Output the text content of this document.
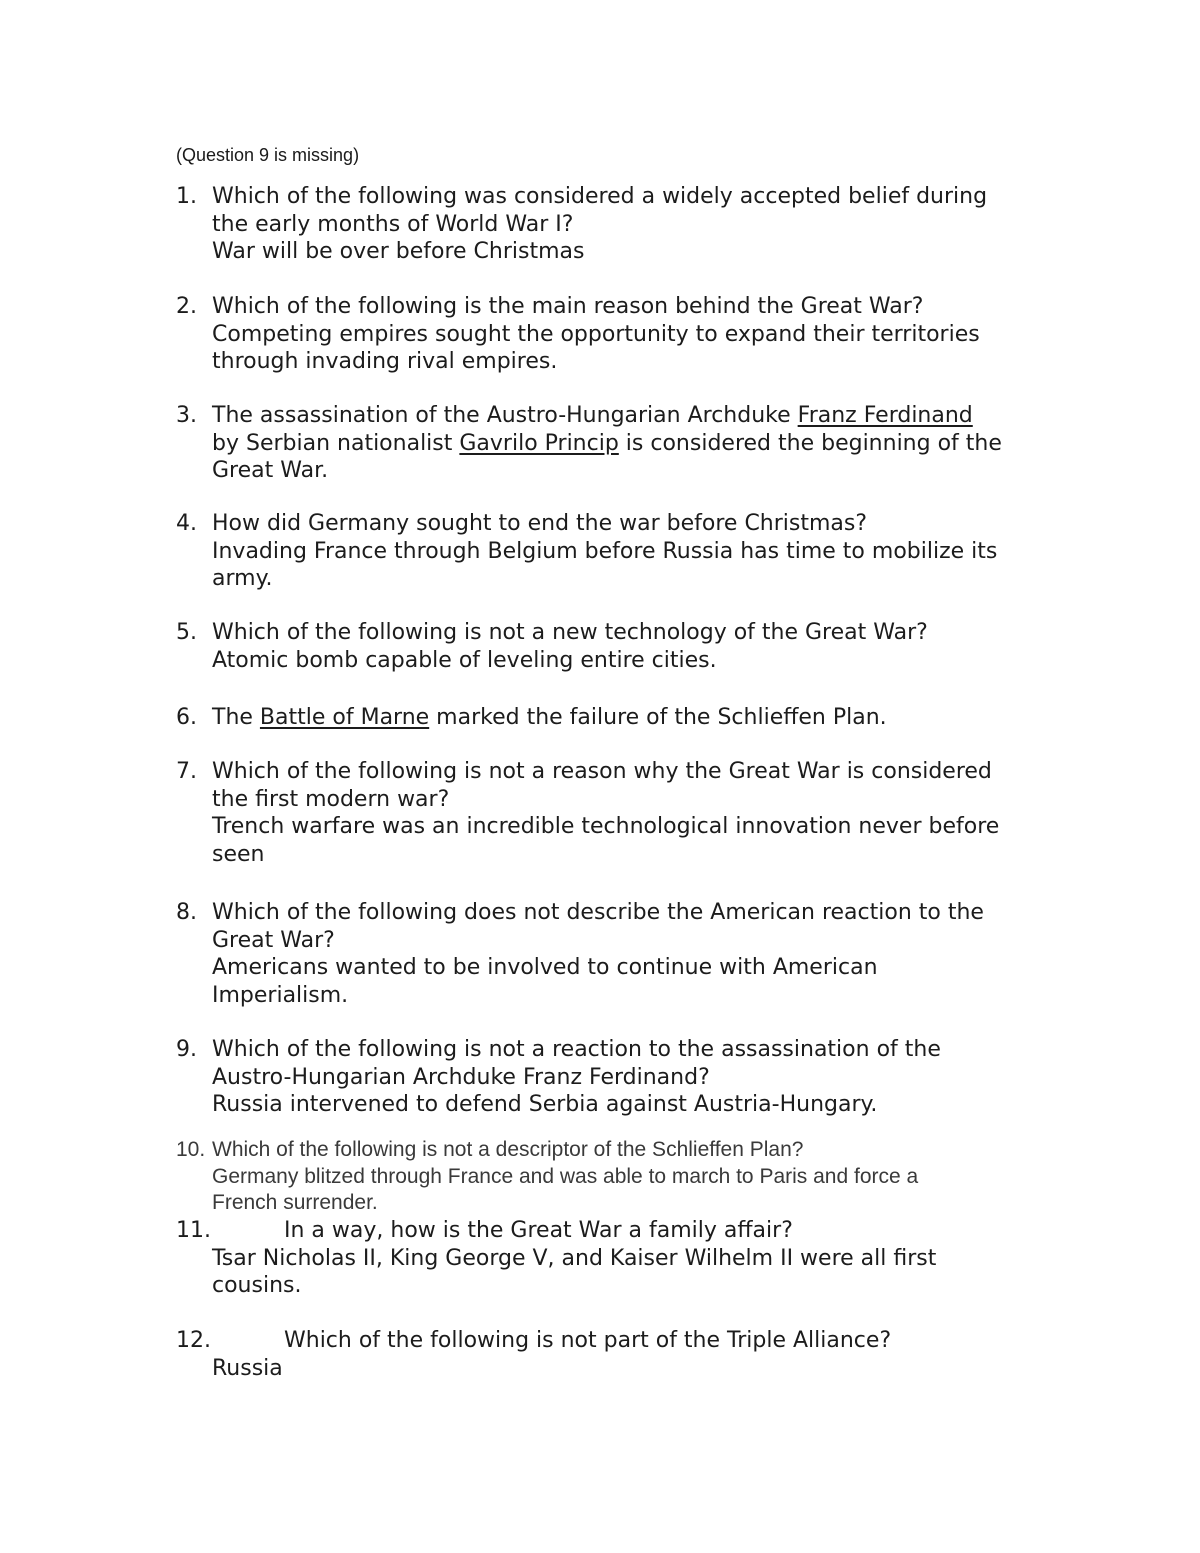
(Question 9 is missing)
1. Which of the following was considered a widely accepted belief during
the early months of World War I?
War will be over before Christmas
2. Which of the following is the main reason behind the Great War?
Competing empires sought the opportunity to expand their territories
through invading rival empires.
3. The assassination of the Austro-Hungarian Archduke Franz Ferdinand
by Serbian nationalist Gavrilo Princip is considered the beginning of the
Great War.
4. How did Germany sought to end the war before Christmas?
Invading France through Belgium before Russia has time to mobilize its
army.
5. Which of the following is not a new technology of the Great War?
Atomic bomb capable of leveling entire cities.
6. The Battle of Marne marked the failure of the Schlieffen Plan.
7. Which of the following is not a reason why the Great War is considered
the first modern war?
Trench warfare was an incredible technological innovation never before
seen
8. Which of the following does not describe the American reaction to the
Great War?
Americans wanted to be involved to continue with American
Imperialism.
9. Which of the following is not a reaction to the assassination of the
Austro-Hungarian Archduke Franz Ferdinand?
Russia intervened to defend Serbia against Austria-Hungary.
10. Which of the following is not a descriptor of the Schlieffen Plan?
Germany blitzed through France and was able to march to Paris and force a
French surrender.
11.	In a way, how is the Great War a family affair?
Tsar Nicholas II, King George V, and Kaiser Wilhelm II were all first
cousins.
12.	Which of the following is not part of the Triple Alliance?
Russia
